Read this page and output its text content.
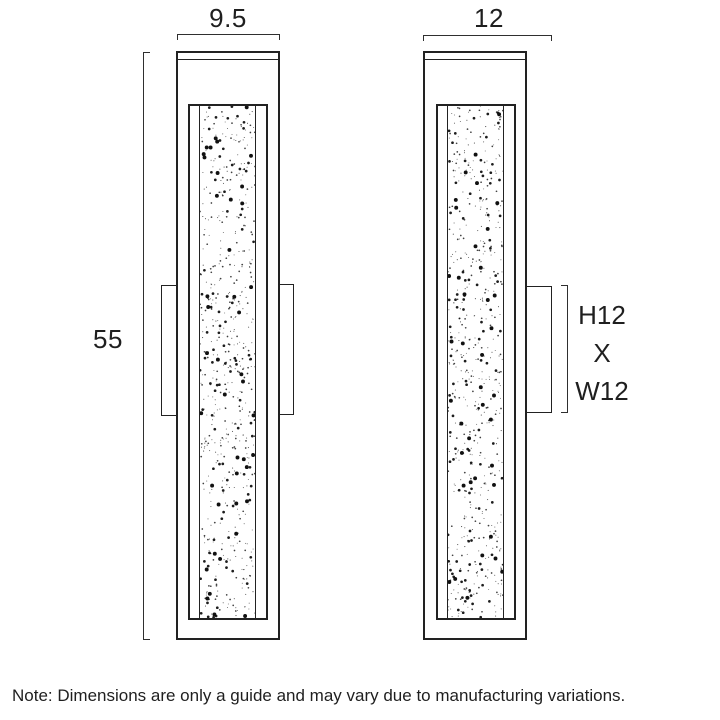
9.5
55
12
H12
X
W12
Note: Dimensions are only a guide and may vary due to manufacturing variations.
